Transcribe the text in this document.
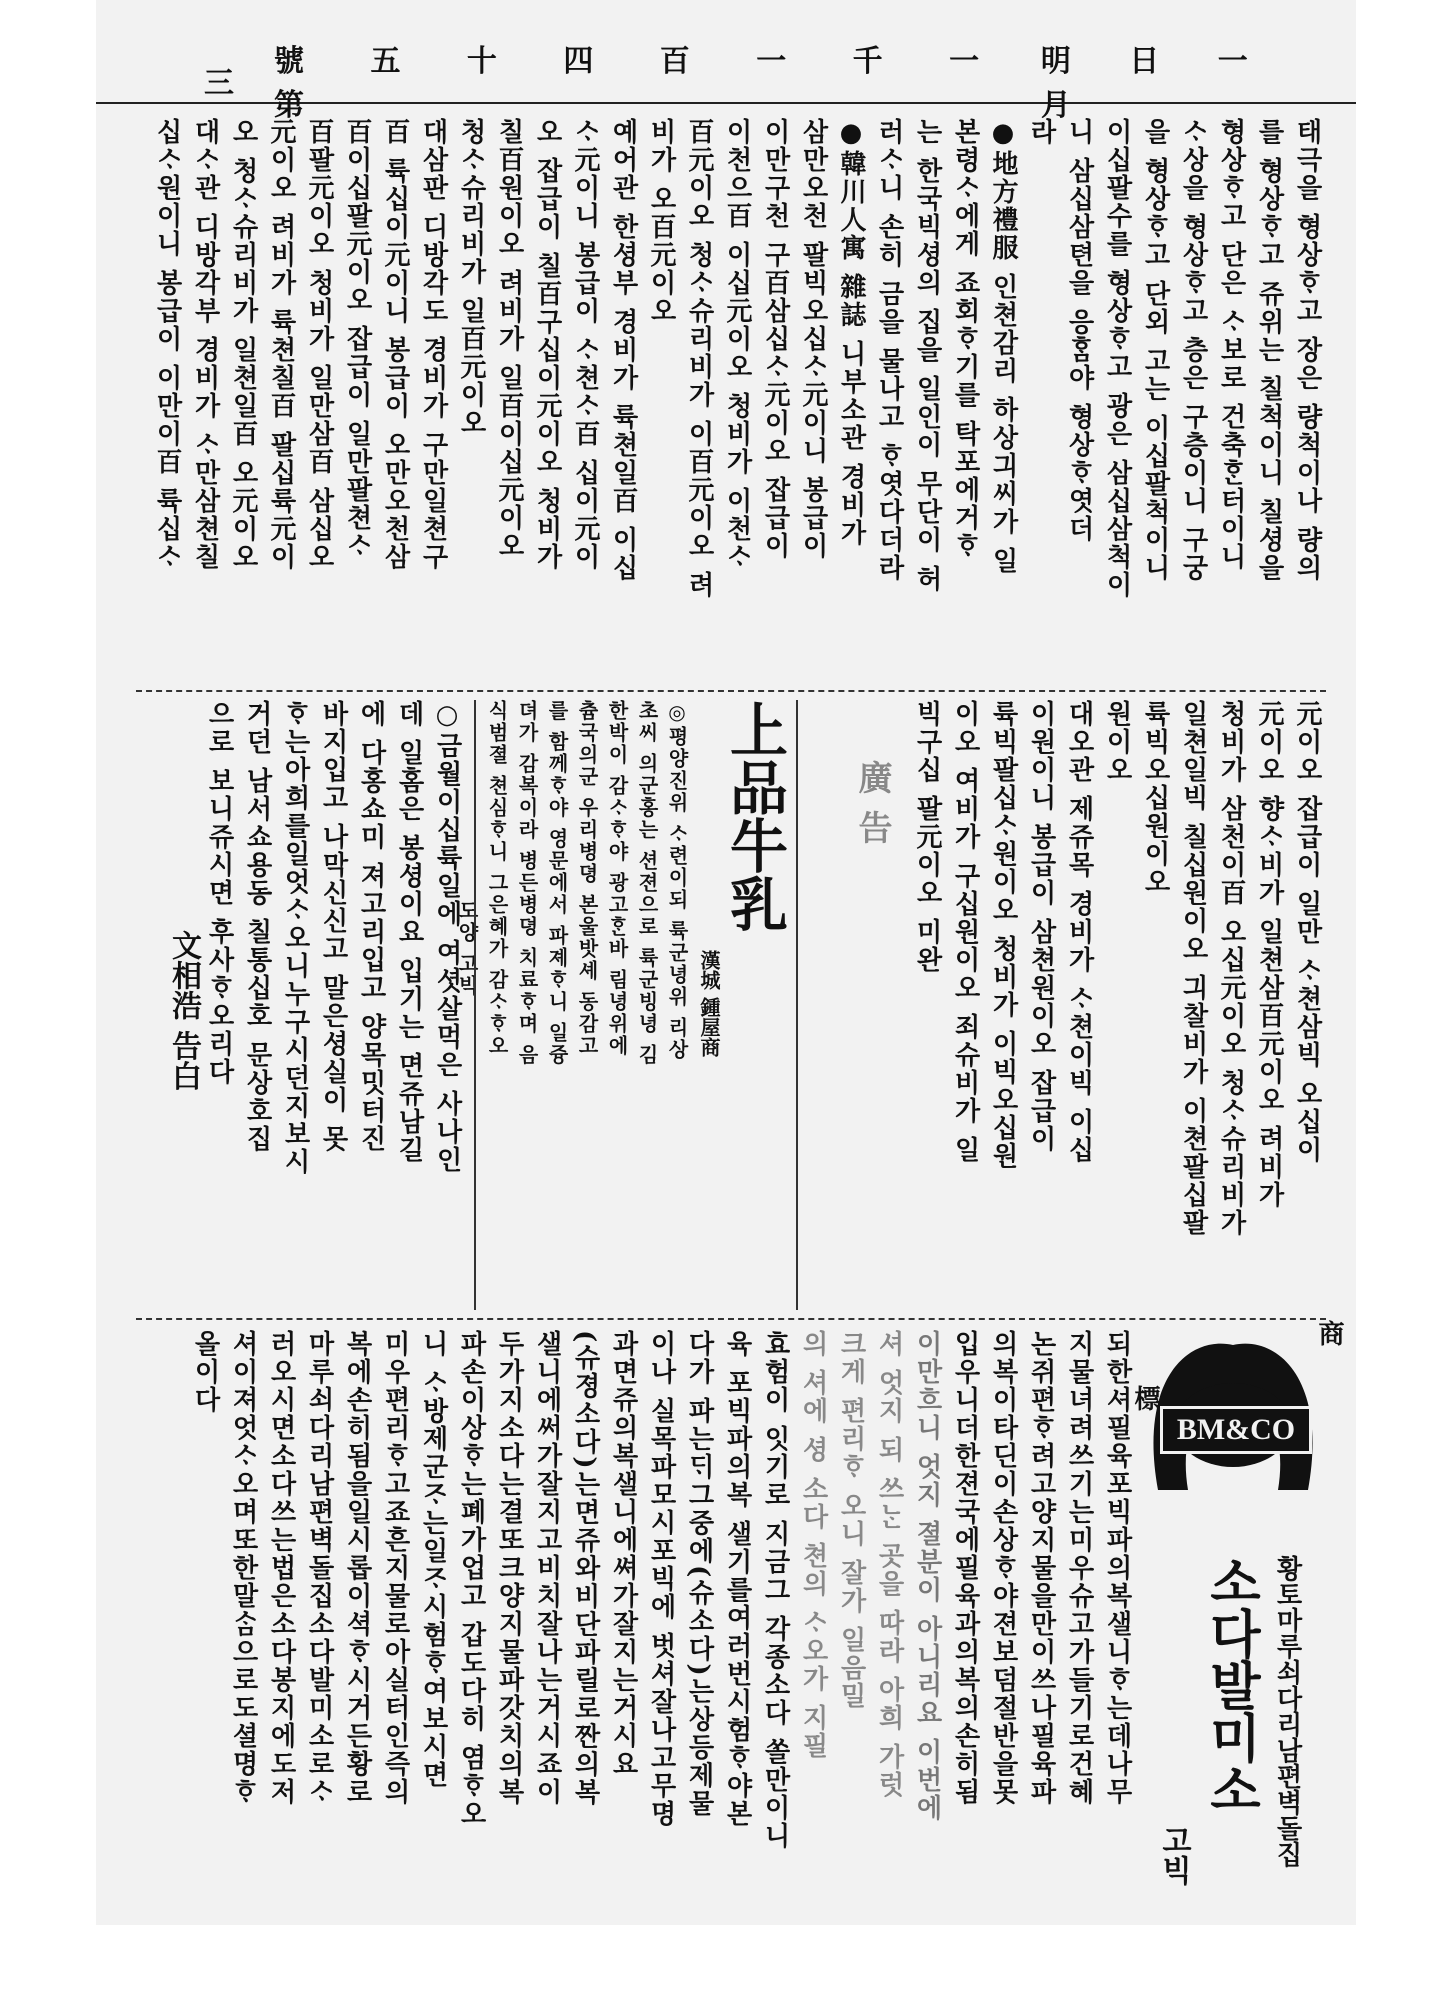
三
號 五 十 四 百 一 千 一 第
明 日 一 月
태극을 형상ᄒᆞ고 장은 량척이나 량의
를 형상ᄒᆞ고 쥬위는 칠척이니 칠셩을
형상ᄒᆞ고 단은 ᄉᆞ보로 건축ᄒᆞᆫ터이니
ᄉᆞ상을 형상ᄒᆞ고 층은 구층이니 구궁
을 형상ᄒᆞ고 단외 고는 이십팔척이니
이십팔수를 형상ᄒᆞ고 광은 삼십삼척이
니 삼십삼텬을 응ᄒᆞᆷ야 형상ᄒᆞ엿더
라
●地方禮服 인쳔감리 하상긔씨가 일
본령ᄉᆞ에게 죠회ᄒᆞ기를 탁포에거ᄒᆞ
는 한국빅셩의 집을 일인이 무단이 허
러ᄉᆞ니 손히 금을 물나고 ᄒᆞ엿다더라
●韓川人寓 雜誌 니부소관 경비가
삼만오천 팔빅오십ᄉᆞ元이니 봉급이
이만구천 구百삼십ᄉᆞ元이오 잡급이
이천으百 이십元이오 청비가 이천ᄉᆞ
百元이오 청ᄉᆞ슈리비가 이百元이오 려
비가 오百元이오
예어관 한셩부 경비가 륙쳔일百 이십
ᄉᆞ元이니 봉급이 ᄉᆞ쳔ᄉᆞ百 십이元이
오 잡급이 칠百구십이元이오 청비가
칠百원이오 려비가 일百이십元이오
청ᄉᆞ슈리비가 일百元이오
대삼판 디방각도 경비가 구만일쳔구
百 륙십이元이니 봉급이 오만오천삼
百이십팔元이오 잡급이 일만팔쳔ᄉᆞ
百팔元이오 청비가 일만삼百 삼십오
元이오 려비가 륙쳔칠百 팔십륙元이
오 청ᄉᆞ슈리비가 일쳔일百 오元이오
대ᄉᆞ관 디방각부 경비가 ᄉᆞ만삼쳔칠
십ᄉᆞ원이니 봉급이 이만이百 륙십ᄉᆞ
元이오 잡급이 일만 ᄉᆞ쳔삼빅 오십이
元이오 향ᄉᆞ비가 일쳔삼百元이오 려비가
청비가 삼천이百 오십元이오 청ᄉᆞ슈리비가
일쳔일빅 칠십원이오 긔찰비가 이쳔팔십팔
륙빅오십원이오
원이오
대오관 제쥬목 경비가 ᄉᆞ쳔이빅 이십
이원이니 봉급이 삼쳔원이오 잡급이
륙빅팔십ᄉᆞ원이오 청비가 이빅오십원
이오 여비가 구십원이오 죄슈비가 일
빅구십 팔元이오 미완
廣 告
上品牛乳
漢城 鍾屋商
◎평양진위 ᄉᆞ련이되 륙군녕위 리상
초씨 의군홍는 션젼으로 륙군빙녕 김
한박이 감ᄉᆞᄒᆞ야 광고ᄒᆞᆫ바 림녕위에
츔국의군 우리병뎡 본울밧셰 동감고
를 함께ᄒᆞ야 영문에서 파졔ᄒᆞ니 일즁
뎌가 감복이라 병든병뎡 치료ᄒᆞ며 음
식범졀 쳔심ᄒᆞ니 그은혜가 감ᄉᆞᄒᆞ오
도양 고빅
○금월이십륙일에 여셧살먹은 사나인
데 일홈은 봉셩이요 입기는 면쥬남길
에 다홍쇼미 져고리입고 양목밋터진
바지입고 나막신신고 말은셩실이 못
ᄒᆞ는아희를일엇ᄉᆞ오니누구시던지보시
거던 남서쇼용동 칠통십호 문상호집
으로 보니쥬시면 후사ᄒᆞ오리다
文相浩 告白
되한셔필육포빅파의복샐니ᄒᆞ는데나무
지물녀려쓰기는미우슈고가들기로건혜
논쥐편ᄒᆞ려고양지물을만이쓰나필육파
의복이타딘이손상ᄒᆞ야젼보덤절반을못
입우니더한젼국에필육과의복의손히됨
이만흐니 엇지 졀분이 아니리요 이번에
셔 엇지 되 쓰ᄂᆞᆫ 곳을 따라 아희 가럿
크게 편리ᄒᆞ 오니 잘가 일음밀
의 셔에 셩 소다 쳔의 ᄉᆞ오가 지필
효험이 잇기로 지금그 각종소다 쏠만이니
육 포빅파의복 샐기를여러번시험ᄒᆞ야본
다가 파는ᄃᆡ그중에(슈소다)는상등제물
이나 실목파모시포빅에 벗셔잘나고무명
과면쥬의복샐니에쎠가잘지는거시요
(슈졍소다)는면쥬와비단파릴로짠의복
샐니에써가잘지고비치잘나는거시죠이
두가지소다는결또크양지물파갓치의복
파손이상ᄒᆞ는폐가업고 갑도다히 염ᄒᆞ오
니 ᄉᆞ방제군ᄌᆞ는일ᄌᆞ시험ᄒᆞ여보시면
미우편리ᄒᆞ고죠흔지물로아실터인즉의
복에손히됨을일시롭이셕ᄒᆞ시거든황로
마루쇠다리남편벽돌집소다발미소로ᄉᆞ
러오시면소다쓰는법은소다봉지에도저
셔이져엇ᄉᆞ오며또한말ᄉᆞᆷ으로도셜명ᄒᆞ
올이다
BM&CO
標
商
황토마루쇠다리남편벽돌집
소다발미소
고빅
